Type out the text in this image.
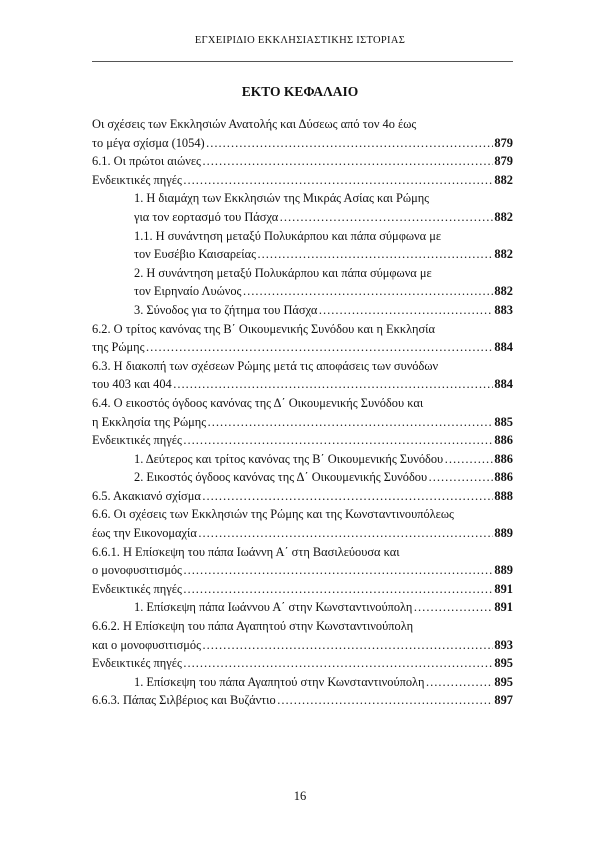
ΕΓΧΕΙΡΙΔΙΟ ΕΚΚΛΗΣΙΑΣΤΙΚΗΣ ΙΣΤΟΡΙΑΣ
ΕΚΤΟ ΚΕΦΑΛΑΙΟ
Οι σχέσεις των Εκκλησιών Ανατολής και Δύσεως από τον 4ο έως
το μέγα σχίσμα (1054) …………………………………………………………………………………………………………………………………………………………………………………	879
6.1. Οι πρώτοι αιώνες …………………………………………………………………………………………………………………………………………………………………………………	879
Ενδεικτικές πηγές …………………………………………………………………………………………………………………………………………………………………………………	882
1. Η διαμάχη των Εκκλησιών της Μικράς Ασίας και Ρώμης
για τον εορτασμό του Πάσχα …………………………………………………………………………………………………………………………………………………………………………………	882
1.1. Η συνάντηση μεταξύ Πολυκάρπου και πάπα σύμφωνα με
τον Ευσέβιο Καισαρείας …………………………………………………………………………………………………………………………………………………………………………………	882
2. Η συνάντηση μεταξύ Πολυκάρπου και πάπα σύμφωνα με
τον Ειρηναίο Λυώνος …………………………………………………………………………………………………………………………………………………………………………………	882
3. Σύνοδος για το ζήτημα του Πάσχα …………………………………………………………………………………………………………………………………………………………………………………	883
6.2. Ο τρίτος κανόνας της Β΄ Οικουμενικής Συνόδου και η Εκκλησία
της Ρώμης …………………………………………………………………………………………………………………………………………………………………………………	884
6.3. Η διακοπή των σχέσεων Ρώμης μετά τις αποφάσεις των συνόδων
του 403 και 404 …………………………………………………………………………………………………………………………………………………………………………………	884
6.4. Ο εικοστός όγδοος κανόνας της Δ΄ Οικουμενικής Συνόδου και
η Εκκλησία της Ρώμης …………………………………………………………………………………………………………………………………………………………………………………	885
Ενδεικτικές πηγές …………………………………………………………………………………………………………………………………………………………………………………	886
1. Δεύτερος και τρίτος κανόνας της Β΄ Οικουμενικής Συνόδου …………………………………………………………………………………………………………………………………………………………………………………	886
2. Εικοστός όγδοος κανόνας της Δ΄ Οικουμενικής Συνόδου …………………………………………………………………………………………………………………………………………………………………………………	886
6.5. Ακακιανό σχίσμα …………………………………………………………………………………………………………………………………………………………………………………	888
6.6. Οι σχέσεις των Εκκλησιών της Ρώμης και της Κωνσταντινουπόλεως
έως την Εικονομαχία …………………………………………………………………………………………………………………………………………………………………………………	889
6.6.1. Η Επίσκεψη του πάπα Ιωάννη Α΄ στη Βασιλεύουσα και
ο μονοφυσιτισμός …………………………………………………………………………………………………………………………………………………………………………………	889
Ενδεικτικές πηγές …………………………………………………………………………………………………………………………………………………………………………………	891
1. Επίσκεψη πάπα Ιωάννου Α΄ στην Κωνσταντινούπολη …………………………………………………………………………………………………………………………………………………………………………………	891
6.6.2. Η Επίσκεψη του πάπα Αγαπητού στην Κωνσταντινούπολη
και ο μονοφυσιτισμός …………………………………………………………………………………………………………………………………………………………………………………	893
Ενδεικτικές πηγές …………………………………………………………………………………………………………………………………………………………………………………	895
1. Επίσκεψη του πάπα Αγαπητού στην Κωνσταντινούπολη …………………………………………………………………………………………………………………………………………………………………………………	895
6.6.3. Πάπας Σιλβέριος και Βυζάντιο …………………………………………………………………………………………………………………………………………………………………………………	897
16
